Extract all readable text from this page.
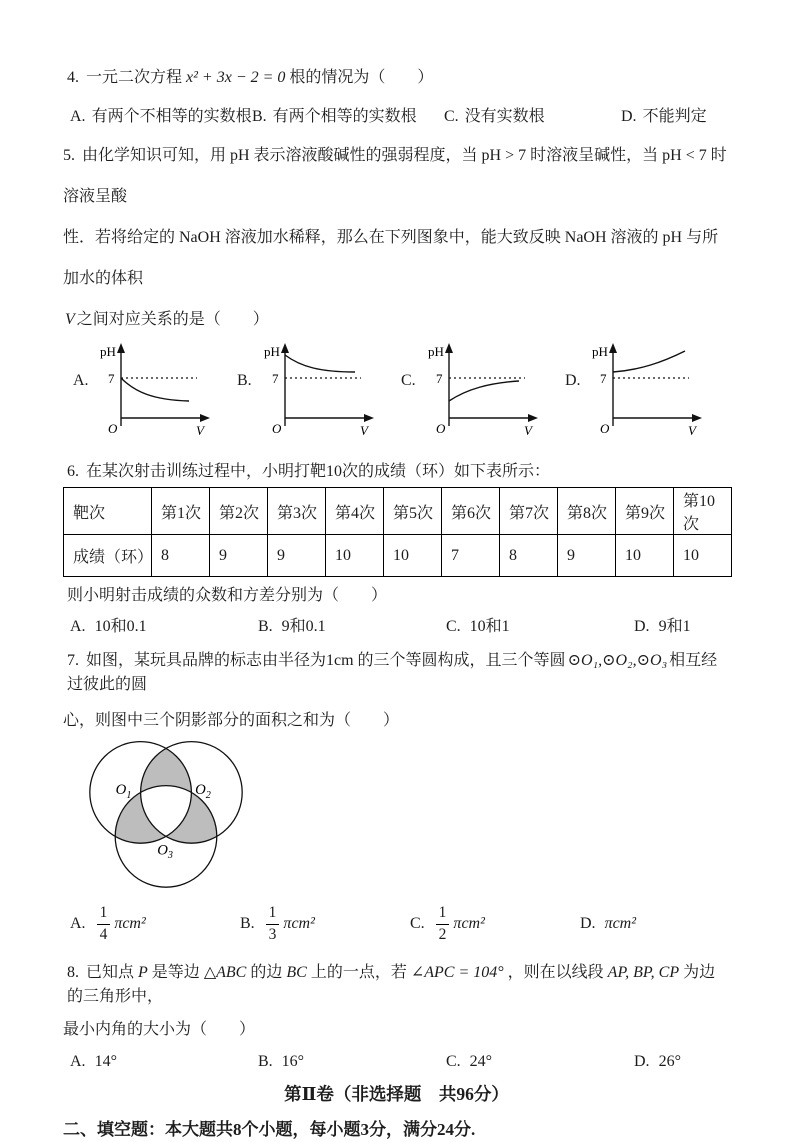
4. 一元二次方程 x² + 3x − 2 = 0 根的情况为（　　）

A. 有两个不相等的实数根 B. 有两个相等的实数根	C. 没有实数根	D. 不能判定

5. 由化学知识可知，用 pH 表示溶液酸碱性的强弱程度，当 pH > 7 时溶液呈碱性，当 pH < 7 时溶液呈酸

性．若将给定的 NaOH 溶液加水稀释，那么在下列图象中，能大致反映 NaOH 溶液的 pH 与所加水的体积

V 之间对应关系的是（　　）

A.
pH
7
O	V
B.
pH
7
O	V
C.
pH
7
O	V
D.
pH
7
O	V

6. 在某次射击训练过程中，小明打靶10次的成绩（环）如下表所示：

靶次	第1次	第2次	第3次	第4次	第5次	第6次	第7次	第8次	第9次	第10次
成绩（环）	8	9	9	10	10	7	8	9	10	10

则小明射击成绩的众数和方差分别为（　　）

A. 10和0.1	B. 9和0.1	C. 10和1	D. 9和1

7. 如图，某玩具品牌的标志由半径为1cm 的三个等圆构成，且三个等圆 ⊙O₁,⊙O₂,⊙O₃ 相互经过彼此的圆

心，则图中三个阴影部分的面积之和为（　　）

$O_1$	$O_2$
$O_3$
A. $\frac{1}{4} \pi cm^2$	B. $\frac{1}{3} \pi cm^2$	C. $\frac{1}{2} \pi cm^2$	D. πcm²

8. 已知点 P 是等边 △ABC 的边 BC 上的一点，若 ∠APC = 104° ，则在以线段 AP, BP, CP 为边的三角形中，

最小内角的大小为（　　）

A. 14°	B. 16°	C. 24°	D. 26°

第Ⅱ卷（非选择题　共96分）

二、填空题：本大题共8个小题，每小题3分，满分24分.
